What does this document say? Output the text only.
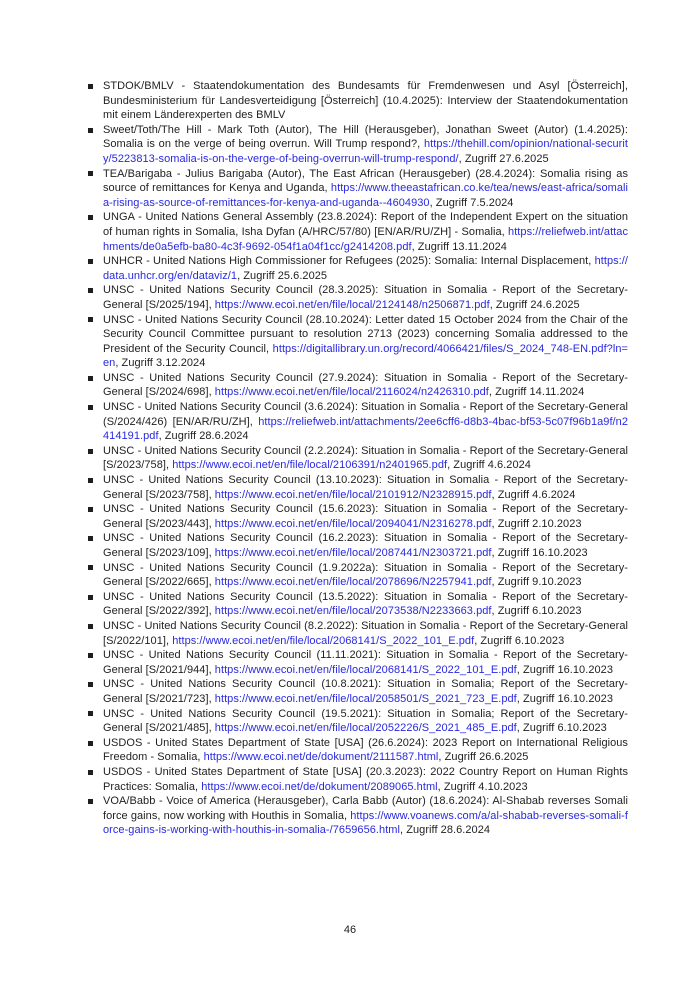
STDOK/BMLV - Staatendokumentation des Bundesamts für Fremdenwesen und Asyl [Österreich], Bundesministerium für Landesverteidigung [Österreich] (10.4.2025): Interview der Staatendokumentation mit einem Länderexperten des BMLV
Sweet/Toth/The Hill - Mark Toth (Autor), The Hill (Herausgeber), Jonathan Sweet (Autor) (1.4.2025): Somalia is on the verge of being overrun. Will Trump respond?, https://thehill.com/opinion/national-security/5223813-somalia-is-on-the-verge-of-being-overrun-will-trump-respond/, Zugriff 27.6.2025
TEA/Barigaba - Julius Barigaba (Autor), The East African (Herausgeber) (28.4.2024): Somalia rising as source of remittances for Kenya and Uganda, https://www.theeastafrican.co.ke/tea/news/east-africa/somalia-rising-as-source-of-remittances-for-kenya-and-uganda--4604930, Zugriff 7.5.2024
UNGA - United Nations General Assembly (23.8.2024): Report of the Independent Expert on the situation of human rights in Somalia, Isha Dyfan (A/HRC/57/80) [EN/AR/RU/ZH] - Somalia, https://reliefweb.int/attachments/de0a5efb-ba80-4c3f-9692-054f1a04f1cc/g2414208.pdf, Zugriff 13.11.2024
UNHCR - United Nations High Commissioner for Refugees (2025): Somalia: Internal Displacement, https://data.unhcr.org/en/dataviz/1, Zugriff 25.6.2025
UNSC - United Nations Security Council (28.3.2025): Situation in Somalia - Report of the Secretary-General [S/2025/194], https://www.ecoi.net/en/file/local/2124148/n2506871.pdf, Zugriff 24.6.2025
UNSC - United Nations Security Council (28.10.2024): Letter dated 15 October 2024 from the Chair of the Security Council Committee pursuant to resolution 2713 (2023) concerning Somalia addressed to the President of the Security Council, https://digitallibrary.un.org/record/4066421/files/S_2024_748-EN.pdf?ln=en, Zugriff 3.12.2024
UNSC - United Nations Security Council (27.9.2024): Situation in Somalia - Report of the Secretary-General [S/2024/698], https://www.ecoi.net/en/file/local/2116024/n2426310.pdf, Zugriff 14.11.2024
UNSC - United Nations Security Council (3.6.2024): Situation in Somalia - Report of the Secretary-General (S/2024/426) [EN/AR/RU/ZH], https://reliefweb.int/attachments/2ee6cff6-d8b3-4bac-bf53-5c07f96b1a9f/n2414191.pdf, Zugriff 28.6.2024
UNSC - United Nations Security Council (2.2.2024): Situation in Somalia - Report of the Secretary-General [S/2023/758], https://www.ecoi.net/en/file/local/2106391/n2401965.pdf, Zugriff 4.6.2024
UNSC - United Nations Security Council (13.10.2023): Situation in Somalia - Report of the Secretary-General [S/2023/758], https://www.ecoi.net/en/file/local/2101912/N2328915.pdf, Zugriff 4.6.2024
UNSC - United Nations Security Council (15.6.2023): Situation in Somalia - Report of the Secretary-General [S/2023/443], https://www.ecoi.net/en/file/local/2094041/N2316278.pdf, Zugriff 2.10.2023
UNSC - United Nations Security Council (16.2.2023): Situation in Somalia - Report of the Secretary-General [S/2023/109], https://www.ecoi.net/en/file/local/2087441/N2303721.pdf, Zugriff 16.10.2023
UNSC - United Nations Security Council (1.9.2022a): Situation in Somalia - Report of the Secretary-General [S/2022/665], https://www.ecoi.net/en/file/local/2078696/N2257941.pdf, Zugriff 9.10.2023
UNSC - United Nations Security Council (13.5.2022): Situation in Somalia - Report of the Secretary-General [S/2022/392], https://www.ecoi.net/en/file/local/2073538/N2233663.pdf, Zugriff 6.10.2023
UNSC - United Nations Security Council (8.2.2022): Situation in Somalia - Report of the Secretary-General [S/2022/101], https://www.ecoi.net/en/file/local/2068141/S_2022_101_E.pdf, Zugriff 6.10.2023
UNSC - United Nations Security Council (11.11.2021): Situation in Somalia - Report of the Secretary-General [S/2021/944], https://www.ecoi.net/en/file/local/2068141/S_2022_101_E.pdf, Zugriff 16.10.2023
UNSC - United Nations Security Council (10.8.2021): Situation in Somalia; Report of the Secretary-General [S/2021/723], https://www.ecoi.net/en/file/local/2058501/S_2021_723_E.pdf, Zugriff 16.10.2023
UNSC - United Nations Security Council (19.5.2021): Situation in Somalia; Report of the Secretary-General [S/2021/485], https://www.ecoi.net/en/file/local/2052226/S_2021_485_E.pdf, Zugriff 6.10.2023
USDOS - United States Department of State [USA] (26.6.2024): 2023 Report on International Religious Freedom - Somalia, https://www.ecoi.net/de/dokument/2111587.html, Zugriff 26.6.2025
USDOS - United States Department of State [USA] (20.3.2023): 2022 Country Report on Human Rights Practices: Somalia, https://www.ecoi.net/de/dokument/2089065.html, Zugriff 4.10.2023
VOA/Babb - Voice of America (Herausgeber), Carla Babb (Autor) (18.6.2024): Al-Shabab reverses Somali force gains, now working with Houthis in Somalia, https://www.voanews.com/a/al-shabab-reverses-somali-force-gains-is-working-with-houthis-in-somalia-/7659656.html, Zugriff 28.6.2024
46
